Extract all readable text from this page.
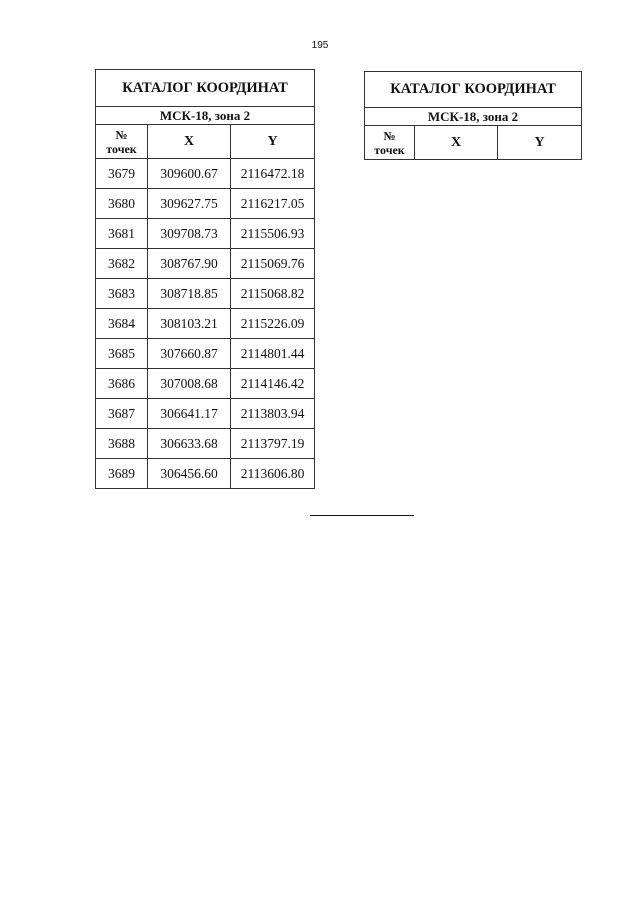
195
КАТАЛОГ КООРДИНАТ		
МСК-18, зона 2		
№
точек	X	Y
3679	309600.67	2116472.18
3680	309627.75	2116217.05
3681	309708.73	2115506.93
3682	308767.90	2115069.76
3683	308718.85	2115068.82
3684	308103.21	2115226.09
3685	307660.87	2114801.44
3686	307008.68	2114146.42
3687	306641.17	2113803.94
3688	306633.68	2113797.19
3689	306456.60	2113606.80
КАТАЛОГ КООРДИНАТ
МСК-18, зона 2
№
точек	X	Y
